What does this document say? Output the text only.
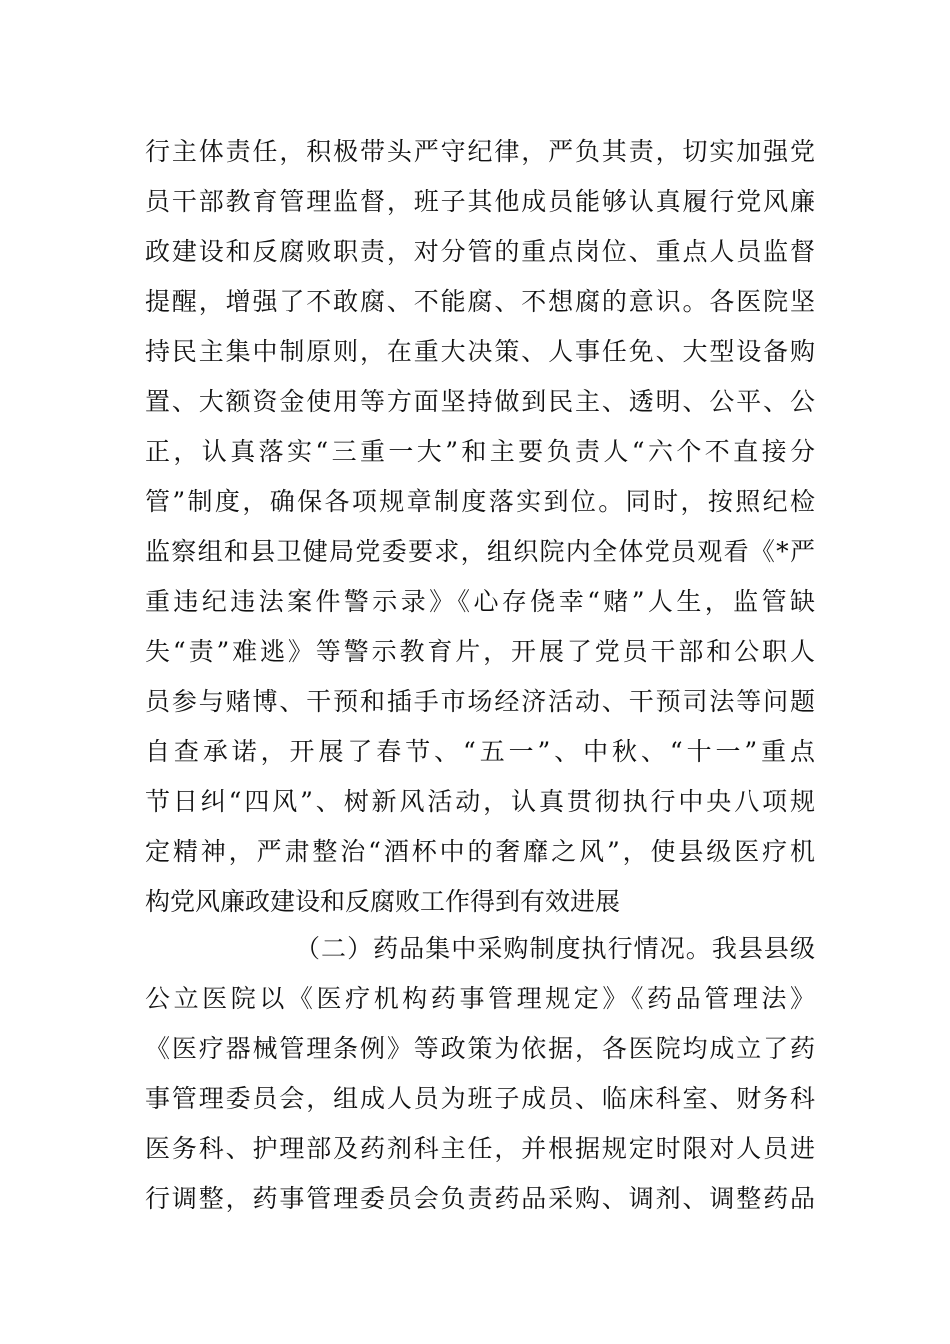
行主体责任，积极带头严守纪律，严负其责，切实加强党
员干部教育管理监督，班子其他成员能够认真履行党风廉
政建设和反腐败职责，对分管的重点岗位、重点人员监督
提醒，增强了不敢腐、不能腐、不想腐的意识。各医院坚
持民主集中制原则，在重大决策、人事任免、大型设备购
置、大额资金使用等方面坚持做到民主、透明、公平、公
正，认真落实“三重一大”和主要负责人“六个不直接分
管”制度，确保各项规章制度落实到位。同时，按照纪检
监察组和县卫健局党委要求，组织院内全体党员观看《*严
重违纪违法案件警示录》《心存侥幸“赌”人生，监管缺
失“责”难逃》等警示教育片，开展了党员干部和公职人
员参与赌博、干预和插手市场经济活动、干预司法等问题
自查承诺，开展了春节、“五一”、中秋、“十一”重点
节日纠“四风”、树新风活动，认真贯彻执行中央八项规
定精神，严肃整治“酒杯中的奢靡之风”，使县级医疗机
构党风廉政建设和反腐败工作得到有效进展
（二）药品集中采购制度执行情况。我县县级
公立医院以《医疗机构药事管理规定》《药品管理法》
《医疗器械管理条例》等政策为依据，各医院均成立了药
事管理委员会，组成人员为班子成员、临床科室、财务科
医务科、护理部及药剂科主任，并根据规定时限对人员进
行调整，药事管理委员会负责药品采购、调剂、调整药品
